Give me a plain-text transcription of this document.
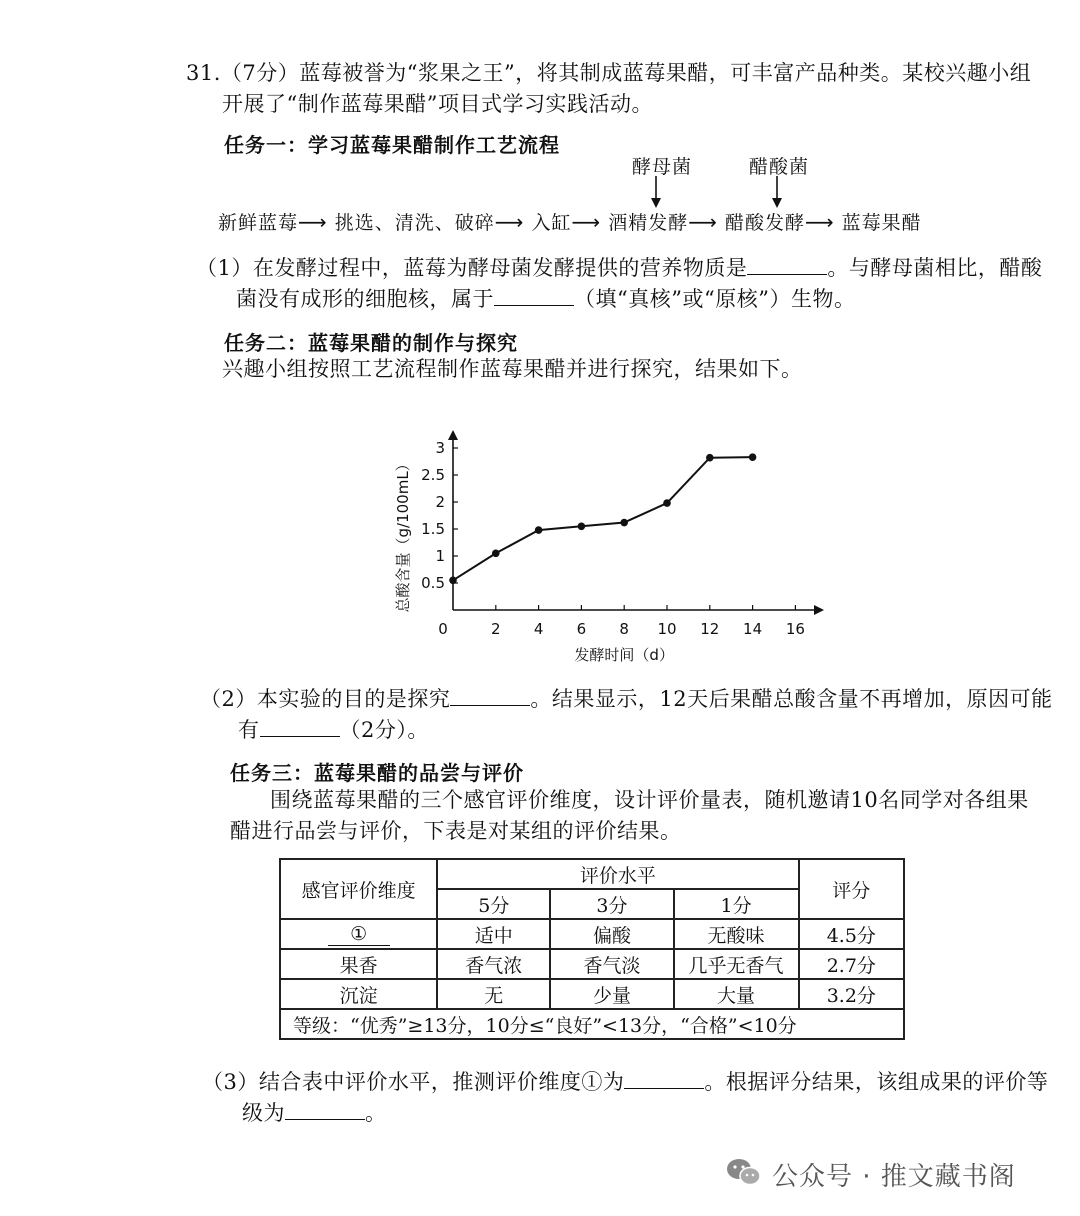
31.（7分）蓝莓被誉为“浆果之王”，将其制成蓝莓果醋，可丰富产品种类。某校兴趣小组
开展了“制作蓝莓果醋”项目式学习实践活动。
任务一：学习蓝莓果醋制作工艺流程
酵母菌	醋酸菌
新鲜蓝莓⟶ 挑选、清洗、破碎⟶ 入缸⟶ 酒精发酵⟶ 醋酸发酵⟶ 蓝莓果醋
（1）在发酵过程中，蓝莓为酵母菌发酵提供的营养物质是	。与酵母菌相比，醋酸
菌没有成形的细胞核，属于	（填“真核”或“原核”）生物。
任务二：蓝莓果醋的制作与探究
兴趣小组按照工艺流程制作蓝莓果醋并进行探究，结果如下。
0	2 4 6 8 10 12 14 16
0.5
1
1.5
2
2.5
3
发酵时间（d）
总酸含量（g/100mL）
（2）本实验的目的是探究	。结果显示，12天后果醋总酸含量不再增加，原因可能
有	（2分）。
任务三：蓝莓果醋的品尝与评价
围绕蓝莓果醋的三个感官评价维度，设计评价量表，随机邀请10名同学对各组果
醋进行品尝与评价，下表是对某组的评价结果。
感官评价维度	评价水平			评分
	5分	3分	1分	
①	适中	偏酸	无酸味	4.5分
果香	香气浓	香气淡	几乎无香气	2.7分
沉淀	无	少量	大量	3.2分
等级：“优秀”≥13分，10分≤“良好”<13分，“合格”<10分				
（3）结合表中评价水平，推测评价维度①为	。根据评分结果，该组成果的评价等
级为	。
公众号 · 推文藏书阁
